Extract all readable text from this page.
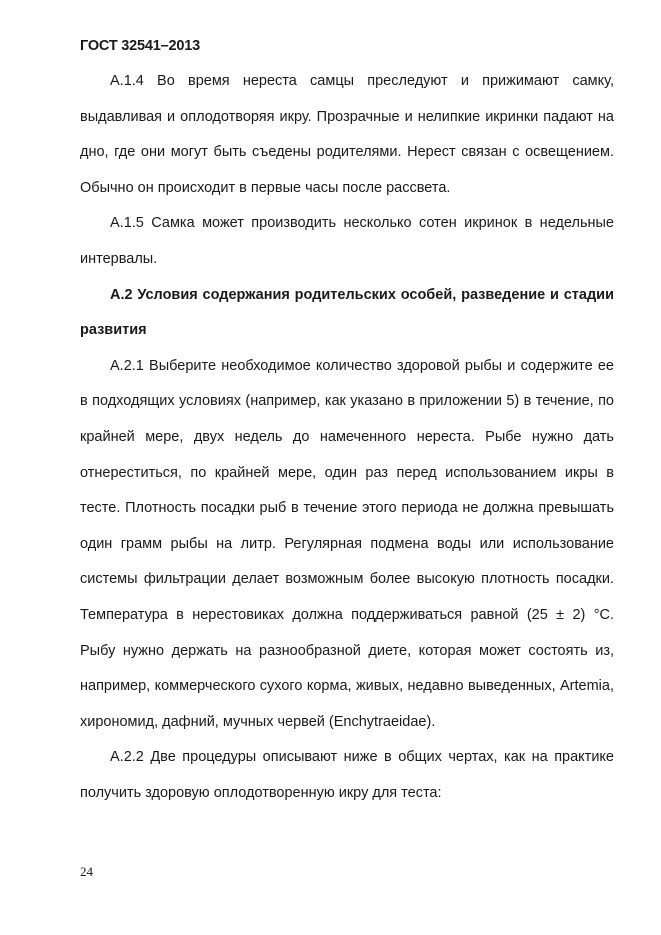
ГОСТ 32541–2013

А.1.4 Во время нереста самцы преследуют и прижимают самку, выдавливая и оплодотворяя икру. Прозрачные и нелипкие икринки падают на дно, где они могут быть съедены родителями. Нерест связан с освещением. Обычно он происходит в первые часы после рассвета.

А.1.5 Самка может производить несколько сотен икринок в недельные интервалы.

А.2 Условия содержания родительских особей, разведение и стадии развития

А.2.1 Выберите необходимое количество здоровой рыбы и содержите ее в подходящих условиях (например, как указано в приложении 5) в течение, по крайней мере, двух недель до намеченного нереста. Рыбе нужно дать отнереститься, по крайней мере, один раз перед использованием икры в тесте. Плотность посадки рыб в течение этого периода не должна превышать один грамм рыбы на литр. Регулярная подмена воды или использование системы фильтрации делает возможным более высокую плотность посадки. Температура в нерестовиках должна поддерживаться равной (25 ± 2) °С. Рыбу нужно держать на разнообразной диете, которая может состоять из, например, коммерческого сухого корма, живых, недавно выведенных, Artemia, хирономид, дафний, мучных червей (Enchytraeidae).

А.2.2 Две процедуры описывают ниже в общих чертах, как на практике получить здоровую оплодотворенную икру для теста:

24
